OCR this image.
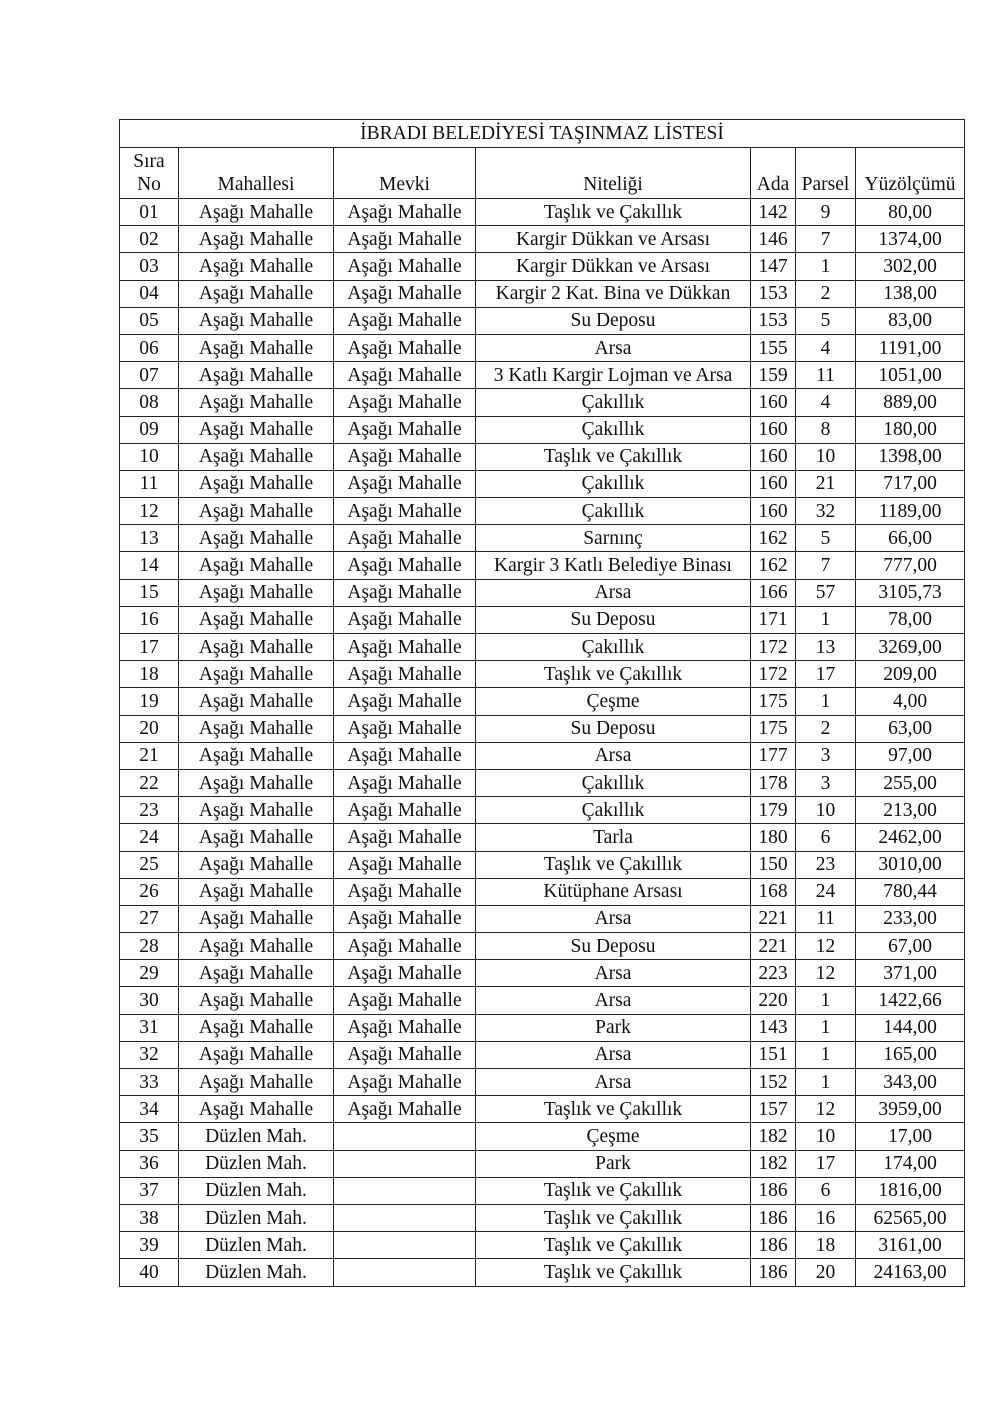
İBRADI BELEDİYESİ TAŞINMAZ LİSTESİ						

Sıra
No	Mahallesi	Mevki	Niteliği	Ada	Parsel	Yüzölçümü
01	Aşağı Mahalle	Aşağı Mahalle	Taşlık ve Çakıllık	142	9	80,00
02	Aşağı Mahalle	Aşağı Mahalle	Kargir Dükkan ve Arsası	146	7	1374,00
03	Aşağı Mahalle	Aşağı Mahalle	Kargir Dükkan ve Arsası	147	1	302,00
04	Aşağı Mahalle	Aşağı Mahalle	Kargir 2 Kat. Bina ve Dükkan	153	2	138,00
05	Aşağı Mahalle	Aşağı Mahalle	Su Deposu	153	5	83,00
06	Aşağı Mahalle	Aşağı Mahalle	Arsa	155	4	1191,00
07	Aşağı Mahalle	Aşağı Mahalle	3 Katlı Kargir Lojman ve Arsa	159	11	1051,00
08	Aşağı Mahalle	Aşağı Mahalle	Çakıllık	160	4	889,00
09	Aşağı Mahalle	Aşağı Mahalle	Çakıllık	160	8	180,00
10	Aşağı Mahalle	Aşağı Mahalle	Taşlık ve Çakıllık	160	10	1398,00
11	Aşağı Mahalle	Aşağı Mahalle	Çakıllık	160	21	717,00
12	Aşağı Mahalle	Aşağı Mahalle	Çakıllık	160	32	1189,00
13	Aşağı Mahalle	Aşağı Mahalle	Sarnınç	162	5	66,00
14	Aşağı Mahalle	Aşağı Mahalle	Kargir 3 Katlı Belediye Binası	162	7	777,00
15	Aşağı Mahalle	Aşağı Mahalle	Arsa	166	57	3105,73
16	Aşağı Mahalle	Aşağı Mahalle	Su Deposu	171	1	78,00
17	Aşağı Mahalle	Aşağı Mahalle	Çakıllık	172	13	3269,00
18	Aşağı Mahalle	Aşağı Mahalle	Taşlık ve Çakıllık	172	17	209,00
19	Aşağı Mahalle	Aşağı Mahalle	Çeşme	175	1	4,00
20	Aşağı Mahalle	Aşağı Mahalle	Su Deposu	175	2	63,00
21	Aşağı Mahalle	Aşağı Mahalle	Arsa	177	3	97,00
22	Aşağı Mahalle	Aşağı Mahalle	Çakıllık	178	3	255,00
23	Aşağı Mahalle	Aşağı Mahalle	Çakıllık	179	10	213,00
24	Aşağı Mahalle	Aşağı Mahalle	Tarla	180	6	2462,00
25	Aşağı Mahalle	Aşağı Mahalle	Taşlık ve Çakıllık	150	23	3010,00
26	Aşağı Mahalle	Aşağı Mahalle	Kütüphane Arsası	168	24	780,44
27	Aşağı Mahalle	Aşağı Mahalle	Arsa	221	11	233,00
28	Aşağı Mahalle	Aşağı Mahalle	Su Deposu	221	12	67,00
29	Aşağı Mahalle	Aşağı Mahalle	Arsa	223	12	371,00
30	Aşağı Mahalle	Aşağı Mahalle	Arsa	220	1	1422,66
31	Aşağı Mahalle	Aşağı Mahalle	Park	143	1	144,00
32	Aşağı Mahalle	Aşağı Mahalle	Arsa	151	1	165,00
33	Aşağı Mahalle	Aşağı Mahalle	Arsa	152	1	343,00
34	Aşağı Mahalle	Aşağı Mahalle	Taşlık ve Çakıllık	157	12	3959,00
35	Düzlen Mah.		Çeşme	182	10	17,00
36	Düzlen Mah.		Park	182	17	174,00
37	Düzlen Mah.		Taşlık ve Çakıllık	186	6	1816,00
38	Düzlen Mah.		Taşlık ve Çakıllık	186	16	62565,00
39	Düzlen Mah.		Taşlık ve Çakıllık	186	18	3161,00
40	Düzlen Mah.		Taşlık ve Çakıllık	186	20	24163,00
